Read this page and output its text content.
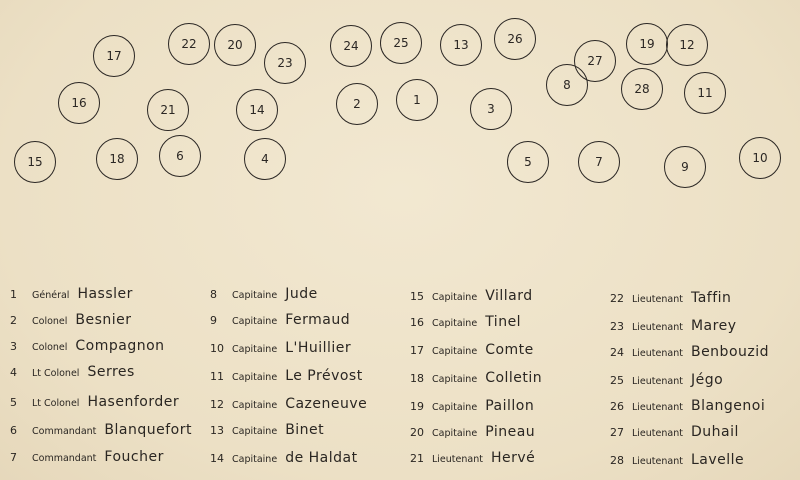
17
22	20
23
24	25	13	26
27
19	12
8	28	11
16	21	14	2	1
3
15	18	6	4	5	7	9
10
1	Général Hassler
2	Colonel Besnier
3	Colonel Compagnon
4	Lt Colonel Serres
5	Lt Colonel Hasenforder
6	Commandant Blanquefort
7	Commandant Foucher
8	Capitaine Jude
9	Capitaine Fermaud
10 Capitaine L'Huillier
11 Capitaine Le Prévost
12 Capitaine Cazeneuve
13 Capitaine Binet
14 Capitaine de Haldat
15 Capitaine Villard
16 Capitaine Tinel
17 Capitaine Comte
18 Capitaine Colletin
19 Capitaine Paillon
20 Capitaine Pineau
21 Lieutenant Hervé
22 Lieutenant Taffin
23 Lieutenant Marey
24 Lieutenant Benbouzid
25 Lieutenant Jégo
26 Lieutenant Blangenoi
27 Lieutenant Duhail
28 Lieutenant Lavelle
